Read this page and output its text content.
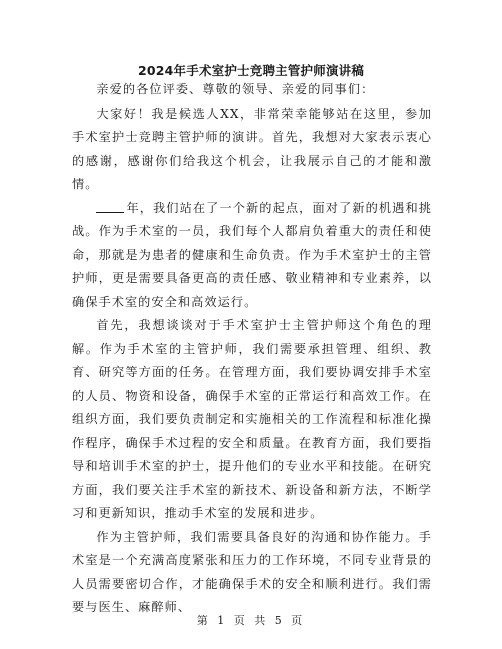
2024年手术室护士竞聘主管护师演讲稿

亲爱的各位评委、尊敬的领导、亲爱的同事们：

大家好！我是候选人XX，非常荣幸能够站在这里，参加手术室护士竞聘主管护师的演讲。首先，我想对大家表示衷心的感谢，感谢你们给我这个机会，让我展示自己的才能和激情。

年，我们站在了一个新的起点，面对了新的机遇和挑战。作为手术室的一员，我们每个人都肩负着重大的责任和使命，那就是为患者的健康和生命负责。作为手术室护士的主管护师，更是需要具备更高的责任感、敬业精神和专业素养，以确保手术室的安全和高效运行。

首先，我想谈谈对于手术室护士主管护师这个角色的理解。作为手术室的主管护师，我们需要承担管理、组织、教育、研究等方面的任务。在管理方面，我们要协调安排手术室的人员、物资和设备，确保手术室的正常运行和高效工作。在组织方面，我们要负责制定和实施相关的工作流程和标准化操作程序，确保手术过程的安全和质量。在教育方面，我们要指导和培训手术室的护士，提升他们的专业水平和技能。在研究方面，我们要关注手术室的新技术、新设备和新方法，不断学习和更新知识，推动手术室的发展和进步。

作为主管护师，我们需要具备良好的沟通和协作能力。手术室是一个充满高度紧张和压力的工作环境，不同专业背景的人员需要密切合作，才能确保手术的安全和顺利进行。我们需要与医生、麻醉师、

第 1 页 共 5 页
